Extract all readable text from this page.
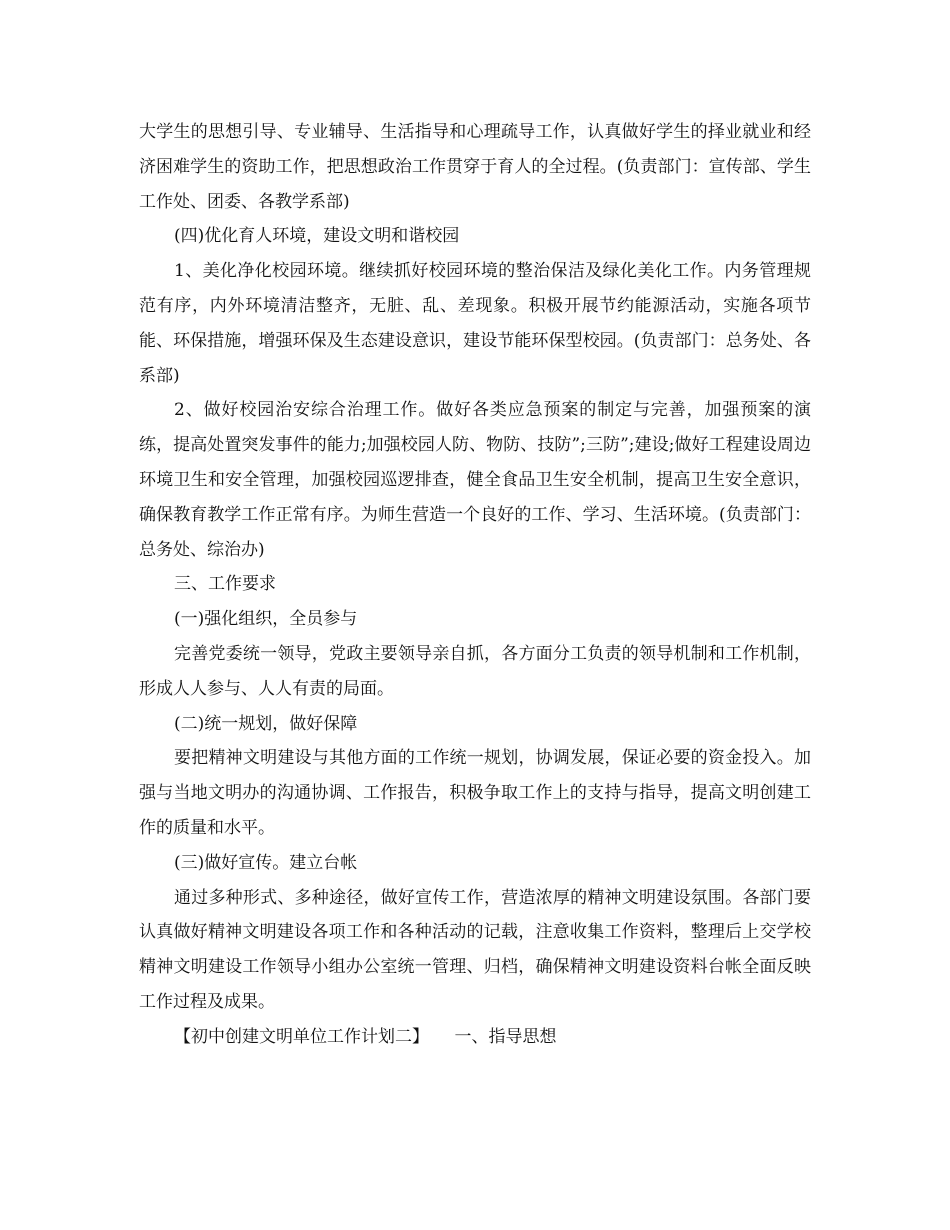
大学生的思想引导、专业辅导、生活指导和心理疏导工作，认真做好学生的择业就业和经济困难学生的资助工作，把思想政治工作贯穿于育人的全过程。(负责部门：宣传部、学生工作处、团委、各教学系部)

(四)优化育人环境，建设文明和谐校园

1、美化净化校园环境。继续抓好校园环境的整治保洁及绿化美化工作。内务管理规范有序，内外环境清洁整齐，无脏、乱、差现象。积极开展节约能源活动，实施各项节能、环保措施，增强环保及生态建设意识，建设节能环保型校园。(负责部门：总务处、各系部)

2、做好校园治安综合治理工作。做好各类应急预案的制定与完善，加强预案的演练，提高处置突发事件的能力;加强校园人防、物防、技防”;三防”;建设;做好工程建设周边环境卫生和安全管理，加强校园巡逻排查，健全食品卫生安全机制，提高卫生安全意识，确保教育教学工作正常有序。为师生营造一个良好的工作、学习、生活环境。(负责部门：总务处、综治办)

三、工作要求

(一)强化组织，全员参与

完善党委统一领导，党政主要领导亲自抓，各方面分工负责的领导机制和工作机制，形成人人参与、人人有责的局面。

(二)统一规划，做好保障

要把精神文明建设与其他方面的工作统一规划，协调发展，保证必要的资金投入。加强与当地文明办的沟通协调、工作报告，积极争取工作上的支持与指导，提高文明创建工作的质量和水平。

(三)做好宣传。建立台帐

通过多种形式、多种途径，做好宣传工作，营造浓厚的精神文明建设氛围。各部门要认真做好精神文明建设各项工作和各种活动的记载，注意收集工作资料，整理后上交学校精神文明建设工作领导小组办公室统一管理、归档，确保精神文明建设资料台帐全面反映工作过程及成果。

【初中创建文明单位工作计划二】　　一、指导思想
